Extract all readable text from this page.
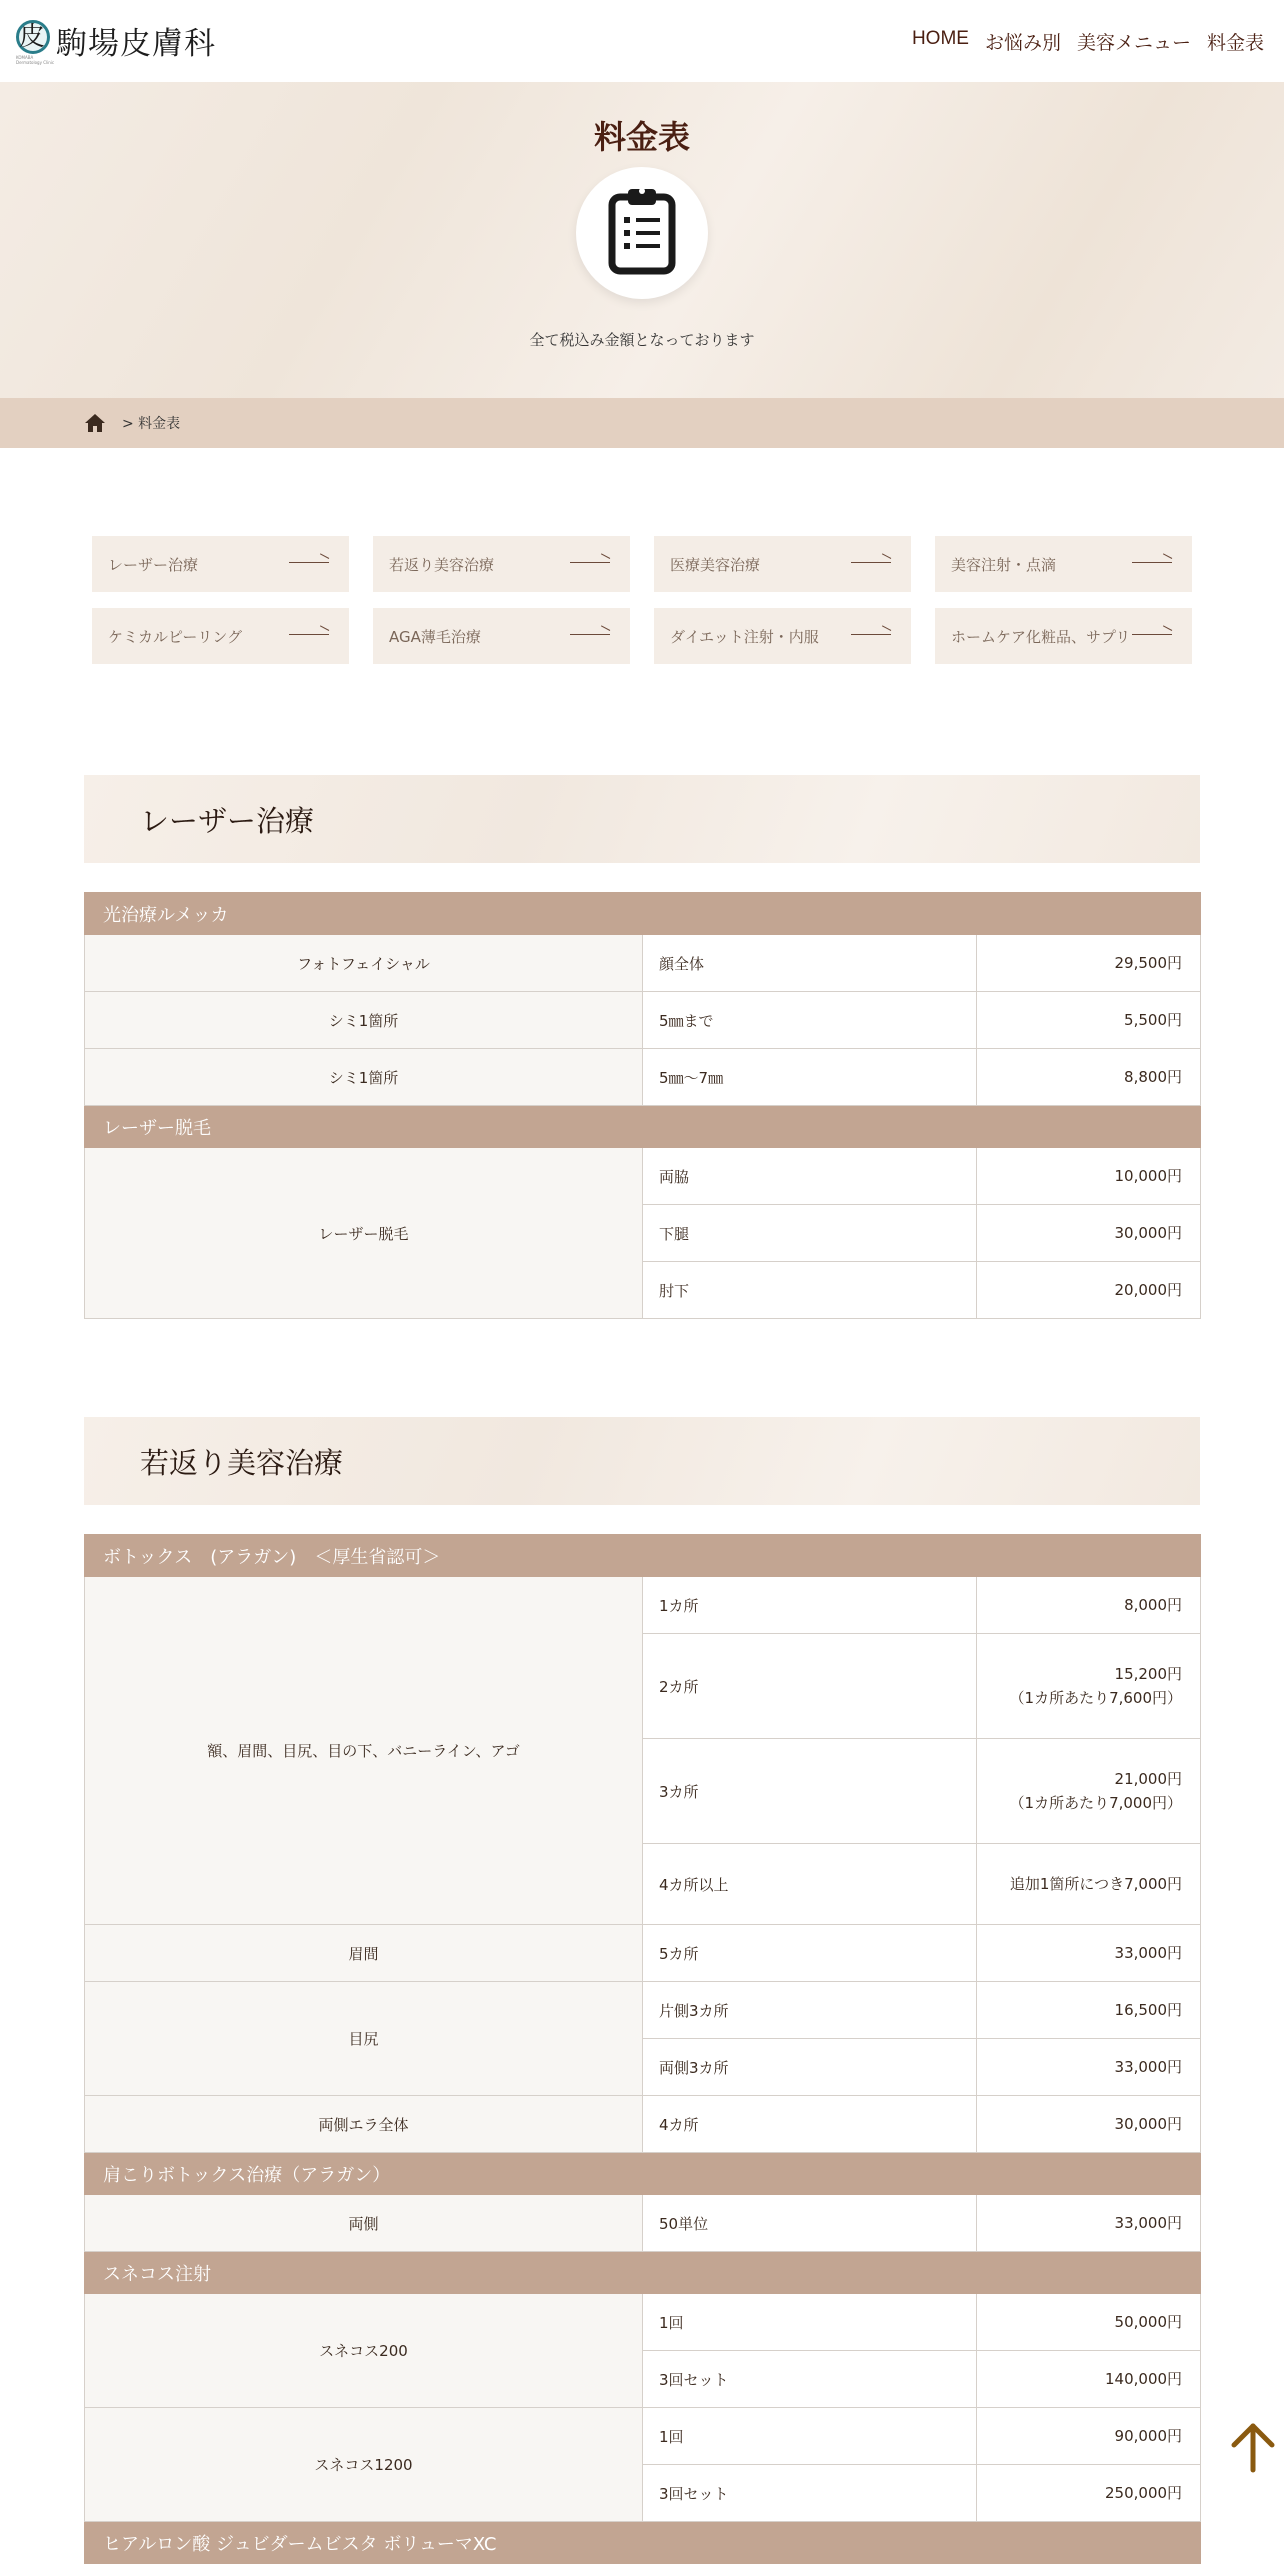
皮
KOMABA Dermatology Clinic 駒場皮膚科	HOME お悩み別 美容メニュー 料金表
料金表
全て税込み金額となっております
> 料金表
レーザー治療	若返り美容治療	医療美容治療	美容注射・点滴
ケミカルピーリング	AGA薄毛治療	ダイエット注射・内服	ホームケア化粧品、サプリ
レーザー治療
光治療ルメッカ		
フォトフェイシャル	顔全体	29,500円
シミ1箇所	5㎜まで	5,500円
シミ1箇所	5㎜～7㎜	8,800円
レーザー脱毛		
レーザー脱毛	両脇	10,000円
	下腿	30,000円
	肘下	20,000円
若返り美容治療
ボトックス　(アラガン)　＜厚生省認可＞		
額、眉間、目尻、目の下、バニーライン、アゴ	1カ所	8,000円
	2カ所	15,200円
（1カ所あたり7,600円）
	3カ所	21,000円
（1カ所あたり7,000円）
	4カ所以上	追加1箇所につき7,000円
眉間	5カ所	33,000円
目尻	片側3カ所	16,500円
	両側3カ所	33,000円
両側エラ全体	4カ所	30,000円
肩こりボトックス治療（アラガン）		
両側	50単位	33,000円
スネコス注射		
スネコス200	1回	50,000円
	3回セット	140,000円
スネコス1200	1回	90,000円
	3回セット	250,000円
ヒアルロン酸 ジュビダームビスタ ボリューマXC		
